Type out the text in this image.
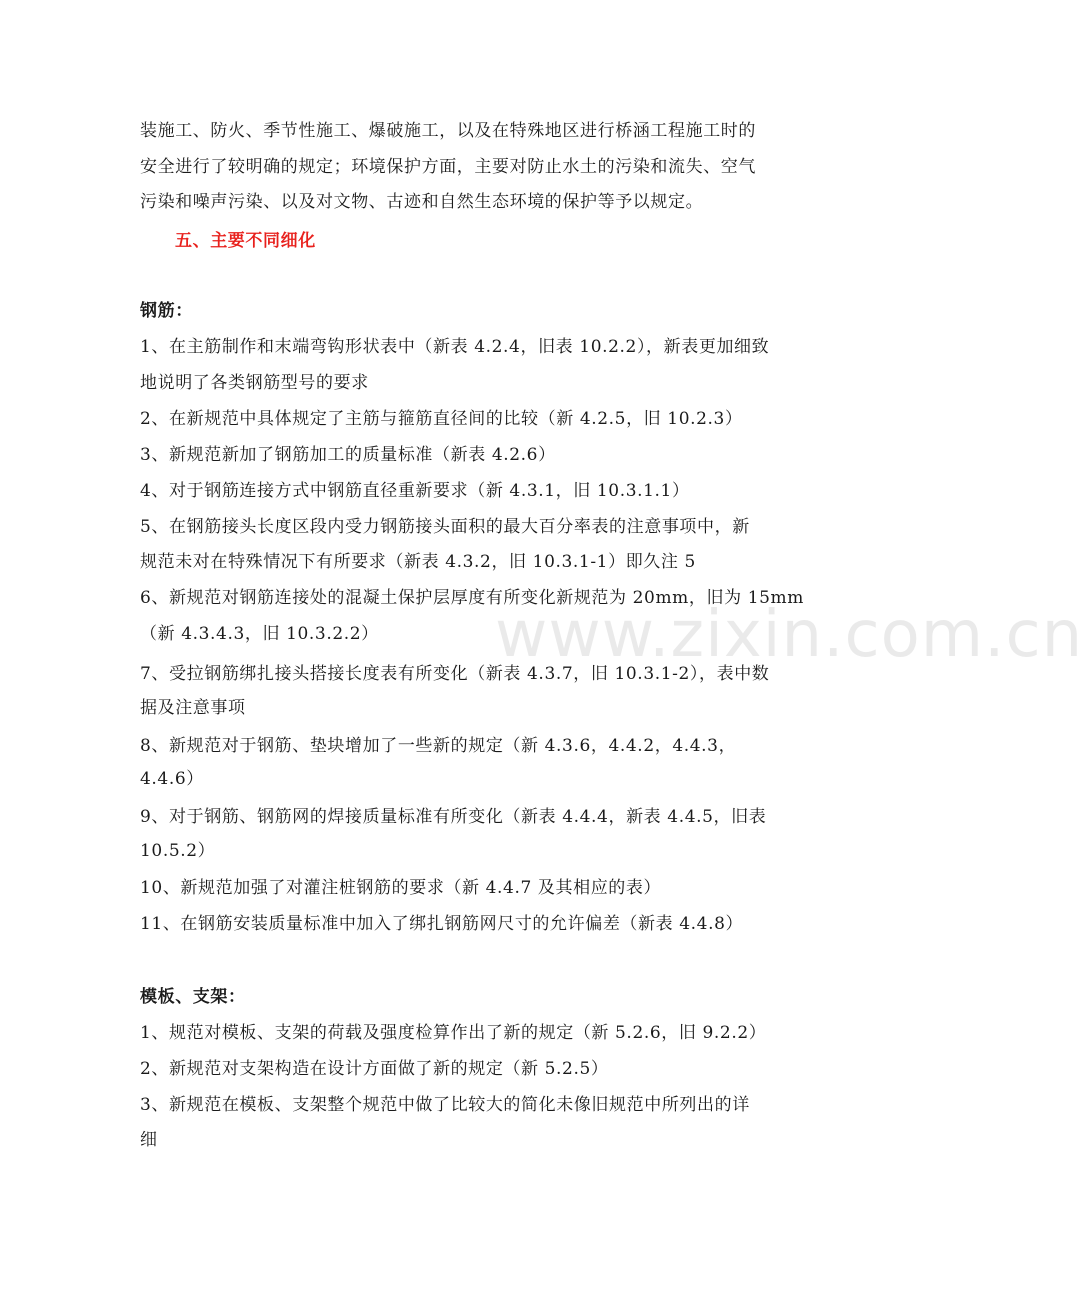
装施工、防火、季节性施工、爆破施工，以及在特殊地区进行桥涵工程施工时的
安全进行了较明确的规定；环境保护方面，主要对防止水土的污染和流失、空气
污染和噪声污染、以及对文物、古迹和自然生态环境的保护等予以规定。
五、主要不同细化
钢筋：
1、在主筋制作和末端弯钩形状表中（新表 4.2.4，旧表 10.2.2），新表更加细致
地说明了各类钢筋型号的要求
2、在新规范中具体规定了主筋与箍筋直径间的比较（新 4.2.5，旧 10.2.3）
3、新规范新加了钢筋加工的质量标准（新表 4.2.6）
4、对于钢筋连接方式中钢筋直径重新要求（新 4.3.1，旧 10.3.1.1）
5、在钢筋接头长度区段内受力钢筋接头面积的最大百分率表的注意事项中，新
规范未对在特殊情况下有所要求（新表 4.3.2，旧 10.3.1-1）即久注 5
6、新规范对钢筋连接处的混凝土保护层厚度有所变化新规范为 20mm，旧为 15mm
（新 4.3.4.3，旧 10.3.2.2）
7、受拉钢筋绑扎接头搭接长度表有所变化（新表 4.3.7，旧 10.3.1-2），表中数
据及注意事项
8、新规范对于钢筋、垫块增加了一些新的规定（新 4.3.6，4.4.2，4.4.3，
4.4.6）
9、对于钢筋、钢筋网的焊接质量标准有所变化（新表 4.4.4，新表 4.4.5，旧表
10.5.2）
10、新规范加强了对灌注桩钢筋的要求（新 4.4.7 及其相应的表）
11、在钢筋安装质量标准中加入了绑扎钢筋网尺寸的允许偏差（新表 4.4.8）
模板、支架：
1、规范对模板、支架的荷载及强度检算作出了新的规定（新 5.2.6，旧 9.2.2）
2、新规范对支架构造在设计方面做了新的规定（新 5.2.5）
3、新规范在模板、支架整个规范中做了比较大的简化未像旧规范中所列出的详
细
www.zixin.com.cn
